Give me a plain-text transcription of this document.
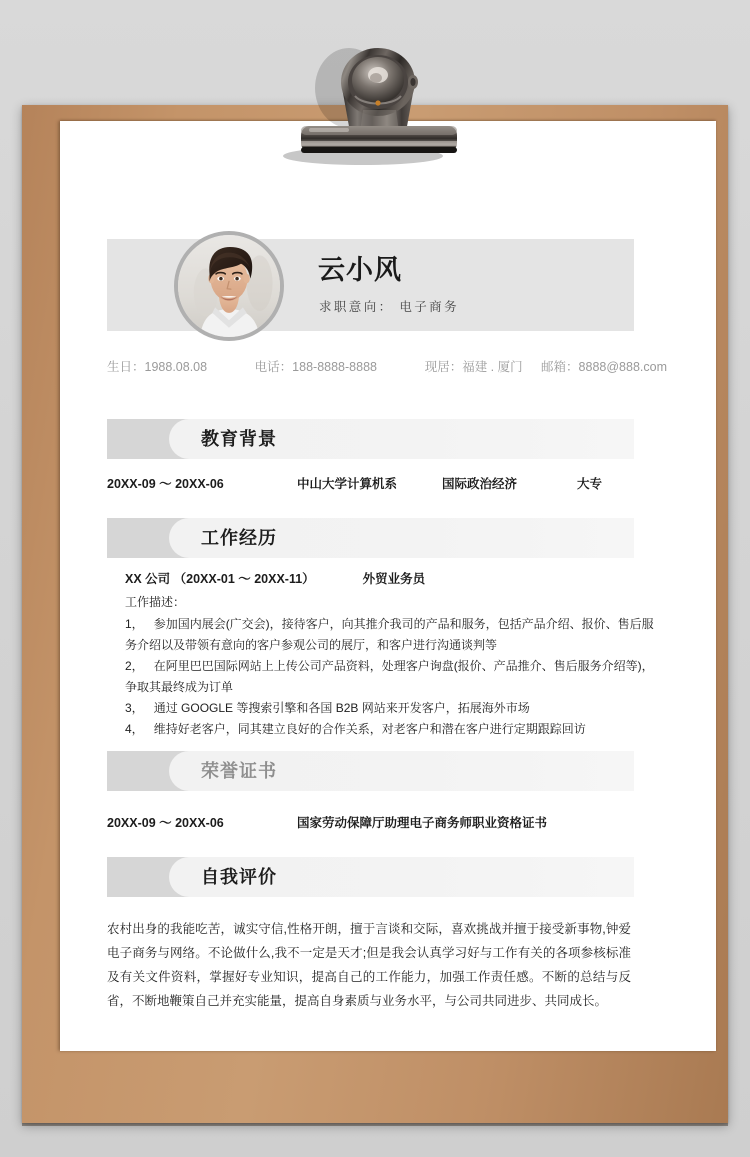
云小风
求职意向： 电子商务
生日：1988.08.08	电话：188-8888-8888	现居：福建 . 厦门	邮箱：8888@888.com
教育背景
20XX-09 ～ 20XX-06	中山大学计算机系	国际政治经济	大专
工作经历
XX 公司 （20XX-01 ～ 20XX-11）	外贸业务员
工作描述：
1， 参加国内展会(广交会)，接待客户，向其推介我司的产品和服务，包括产品介绍、报价、售后服
务介绍以及带领有意向的客户参观公司的展厅，和客户进行沟通谈判等
2， 在阿里巴巴国际网站上上传公司产品资料，处理客户询盘(报价、产品推介、售后服务介绍等)，
争取其最终成为订单
3， 通过 GOOGLE 等搜索引擎和各国 B2B 网站来开发客户，拓展海外市场
4， 维持好老客户，同其建立良好的合作关系，对老客户和潜在客户进行定期跟踪回访
荣誉证书
20XX-09 ～ 20XX-06	国家劳动保障厅助理电子商务师职业资格证书
自我评价
农村出身的我能吃苦，诚实守信,性格开朗，擅于言谈和交际，喜欢挑战并擅于接受新事物,钟爱电子商务与网络。不论做什么,我不一定是天才;但是我会认真学习好与工作有关的各项参核标准及有关文件资料，掌握好专业知识，提高自己的工作能力，加强工作责任感。不断的总结与反省，不断地鞭策自己并充实能量，提高自身素质与业务水平，与公司共同进步、共同成长。
